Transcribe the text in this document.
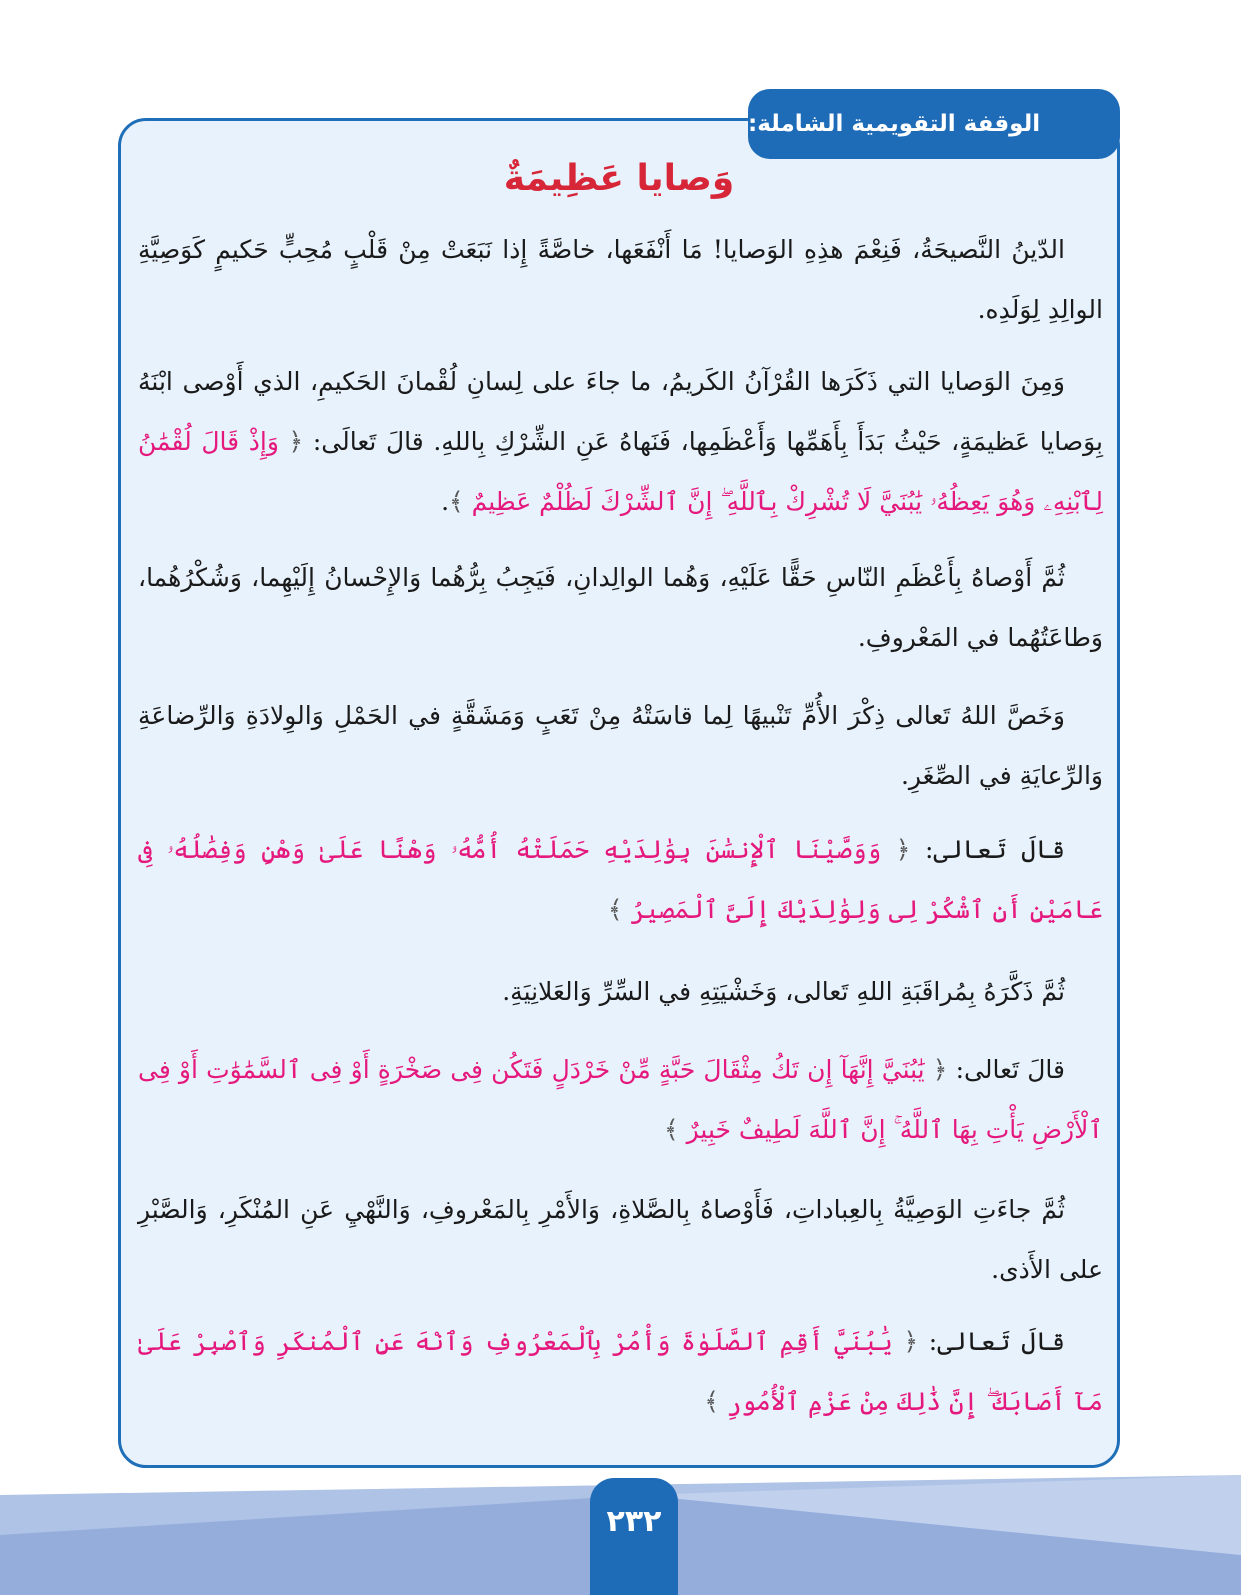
الوقفة التقويمية الشاملة:
وَصايا عَظِيمَةٌ

الدّينُ النَّصيحَةُ، فَنِعْمَ هذِهِ الوَصايا! مَا أَنْفَعَها، خاصَّةً إِذا نَبَعَتْ مِنْ قَلْبٍ مُحِبٍّ حَكيمٍ كَوَصِيَّةِ الوالِدِ لِوَلَدِه.

وَمِنَ الوَصايا التي ذَكَرَها القُرْآنُ الكَريمُ، ما جاءَ على لِسانِ لُقْمانَ الحَكيمِ، الذي أَوْصى ابْنَهُ بِوَصايا عَظيمَةٍ، حَيْثُ بَدَأَ بِأَهَمِّها وَأَعْظَمِها، فَنَهاهُ عَنِ الشِّرْكِ بِاللهِ. قالَ تَعالَى: ﴿ وَإِذْ قَالَ لُقْمَٰنُ لِٱبْنِهِۦ وَهُوَ يَعِظُهُۥ يَٰبُنَيَّ لَا تُشْرِكْ بِٱللَّهِ ۖ إِنَّ ٱلشِّرْكَ لَظُلْمٌ عَظِيمٌ ﴾.

ثُمَّ أَوْصاهُ بِأَعْظَمِ النّاسِ حَقًّا عَلَيْهِ، وَهُما الوالِدانِ، فَيَجِبُ بِرُّهُما وَالإِحْسانُ إِلَيْهِما، وَشُكْرُهُما، وَطاعَتُهُما في المَعْروفِ.

وَخَصَّ اللهُ تَعالى ذِكْرَ الأُمِّ تَنْبيهًا لِما قاسَتْهُ مِنْ تَعَبٍ وَمَشَقَّةٍ في الحَمْلِ وَالوِلادَةِ وَالرِّضاعَةِ وَالرِّعايَةِ في الصِّغَرِ.

قالَ تَعالى: ﴿ وَوَصَّيْنَا ٱلْإِنسَٰنَ بِوَٰلِدَيْهِ حَمَلَتْهُ أُمُّهُۥ وَهْنًا عَلَىٰ وَهْنٍ وَفِصَٰلُهُۥ فِى عَامَيْنِ أَنِ ٱشْكُرْ لِى وَلِوَٰلِدَيْكَ إِلَىَّ ٱلْمَصِيرُ ﴾

ثُمَّ ذَكَّرَهُ بِمُراقَبَةِ اللهِ تَعالى، وَخَشْيَتِهِ في السِّرِّ وَالعَلانِيَةِ.

قالَ تَعالى: ﴿ يَٰبُنَيَّ إِنَّهَآ إِن تَكُ مِثْقَالَ حَبَّةٍ مِّنْ خَرْدَلٍ فَتَكُن فِى صَخْرَةٍ أَوْ فِى ٱلسَّمَٰوَٰتِ أَوْ فِى ٱلْأَرْضِ يَأْتِ بِهَا ٱللَّهُ ۚ إِنَّ ٱللَّهَ لَطِيفٌ خَبِيرٌ ﴾

ثُمَّ جاءَتِ الوَصِيَّةُ بِالعِباداتِ، فَأَوْصاهُ بِالصَّلاةِ، وَالأَمْرِ بِالمَعْروفِ، وَالنَّهْيِ عَنِ المُنْكَرِ، وَالصَّبْرِ على الأَذى.

قالَ تَعالى: ﴿ يَٰبُنَيَّ أَقِمِ ٱلصَّلَوٰةَ وَأْمُرْ بِٱلْمَعْرُوفِ وَٱنْهَ عَنِ ٱلْمُنكَرِ وَٱصْبِرْ عَلَىٰ مَآ أَصَابَكَ ۖ إِنَّ ذَٰلِكَ مِنْ عَزْمِ ٱلْأُمُورِ ﴾

٢٣٢
